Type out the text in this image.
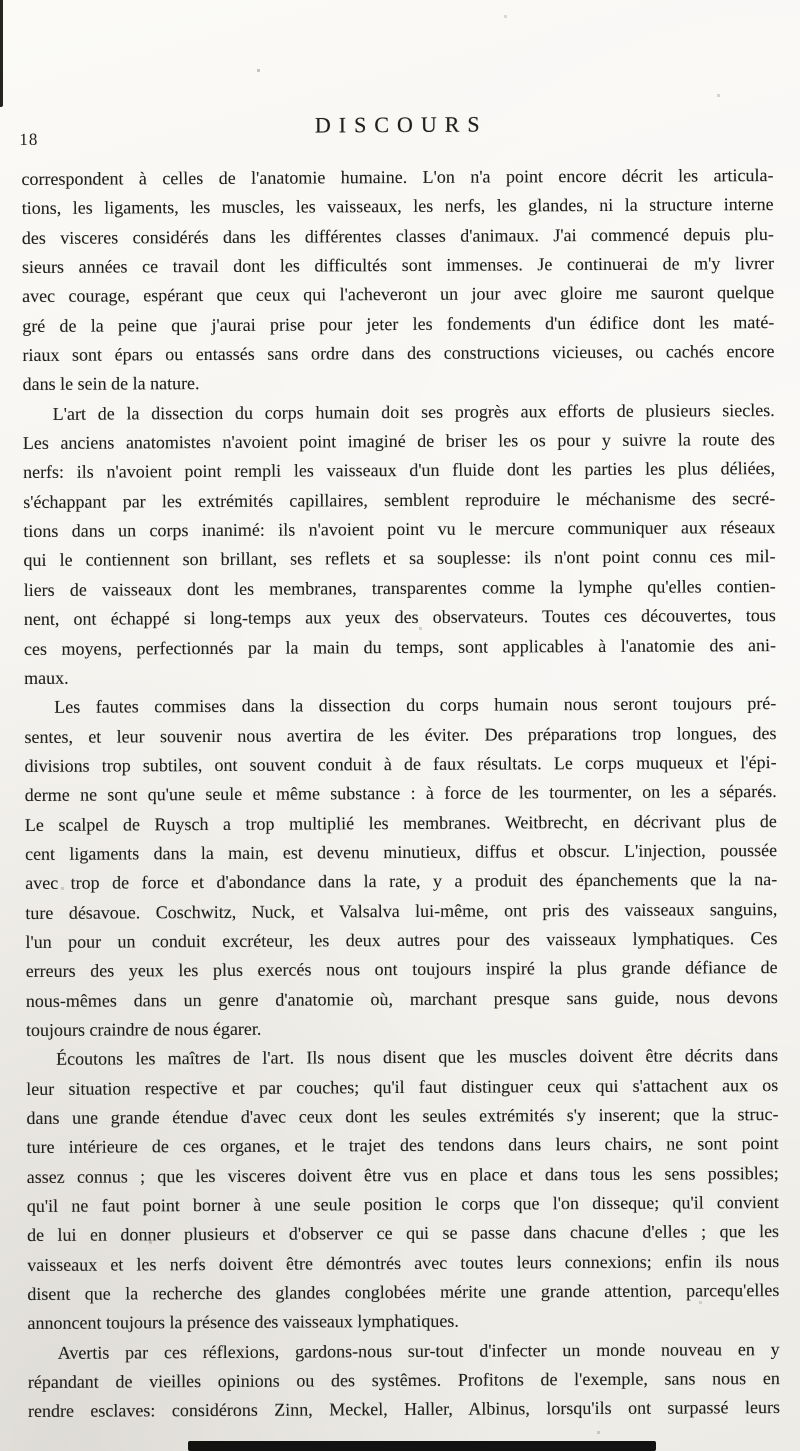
18
DISCOURS
correspondent à celles de l'anatomie humaine. L'on n'a point encore décrit les articula-
tions, les ligaments, les muscles, les vaisseaux, les nerfs, les glandes, ni la structure interne
des visceres considérés dans les différentes classes d'animaux. J'ai commencé depuis plu-
sieurs années ce travail dont les difficultés sont immenses. Je continuerai de m'y livrer
avec courage, espérant que ceux qui l'acheveront un jour avec gloire me sauront quelque
gré de la peine que j'aurai prise pour jeter les fondements d'un édifice dont les maté-
riaux sont épars ou entassés sans ordre dans des constructions vicieuses, ou cachés encore
dans le sein de la nature.
L'art de la dissection du corps humain doit ses progrès aux efforts de plusieurs siecles.
Les anciens anatomistes n'avoient point imaginé de briser les os pour y suivre la route des
nerfs: ils n'avoient point rempli les vaisseaux d'un fluide dont les parties les plus déliées,
s'échappant par les extrémités capillaires, semblent reproduire le méchanisme des secré-
tions dans un corps inanimé: ils n'avoient point vu le mercure communiquer aux réseaux
qui le contiennent son brillant, ses reflets et sa souplesse: ils n'ont point connu ces mil-
liers de vaisseaux dont les membranes, transparentes comme la lymphe qu'elles contien-
nent, ont échappé si long-temps aux yeux des observateurs. Toutes ces découvertes, tous
ces moyens, perfectionnés par la main du temps, sont applicables à l'anatomie des ani-
maux.
Les fautes commises dans la dissection du corps humain nous seront toujours pré-
sentes, et leur souvenir nous avertira de les éviter. Des préparations trop longues, des
divisions trop subtiles, ont souvent conduit à de faux résultats. Le corps muqueux et l'épi-
derme ne sont qu'une seule et même substance : à force de les tourmenter, on les a séparés.
Le scalpel de Ruysch a trop multiplié les membranes. Weitbrecht, en décrivant plus de
cent ligaments dans la main, est devenu minutieux, diffus et obscur. L'injection, poussée
avec trop de force et d'abondance dans la rate, y a produit des épanchements que la na-
ture désavoue. Coschwitz, Nuck, et Valsalva lui-même, ont pris des vaisseaux sanguins,
l'un pour un conduit excréteur, les deux autres pour des vaisseaux lymphatiques. Ces
erreurs des yeux les plus exercés nous ont toujours inspiré la plus grande défiance de
nous-mêmes dans un genre d'anatomie où, marchant presque sans guide, nous devons
toujours craindre de nous égarer.
Écoutons les maîtres de l'art. Ils nous disent que les muscles doivent être décrits dans
leur situation respective et par couches; qu'il faut distinguer ceux qui s'attachent aux os
dans une grande étendue d'avec ceux dont les seules extrémités s'y inserent; que la struc-
ture intérieure de ces organes, et le trajet des tendons dans leurs chairs, ne sont point
assez connus ; que les visceres doivent être vus en place et dans tous les sens possibles;
qu'il ne faut point borner à une seule position le corps que l'on disseque; qu'il convient
de lui en donner plusieurs et d'observer ce qui se passe dans chacune d'elles ; que les
vaisseaux et les nerfs doivent être démontrés avec toutes leurs connexions; enfin ils nous
disent que la recherche des glandes conglobées mérite une grande attention, parcequ'elles
annoncent toujours la présence des vaisseaux lymphatiques.
Avertis par ces réflexions, gardons-nous sur-tout d'infecter un monde nouveau en y
répandant de vieilles opinions ou des systêmes. Profitons de l'exemple, sans nous en
rendre esclaves: considérons Zinn, Meckel, Haller, Albinus, lorsqu'ils ont surpassé leurs
